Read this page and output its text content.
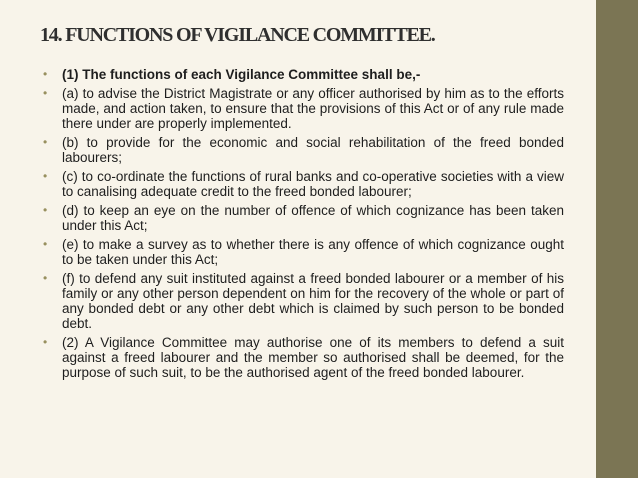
14. FUNCTIONS OF VIGILANCE COMMITTEE.
• (1) The functions of each Vigilance Committee shall be,-
• (a) to advise the District Magistrate or any officer authorised by him as to the efforts made, and action taken, to ensure that the provisions of this Act or of any rule made there under are properly implemented.
• (b) to provide for the economic and social rehabilitation of the freed bonded labourers;
• (c) to co-ordinate the functions of rural banks and co-operative societies with a view to canalising adequate credit to the freed bonded labourer;
• (d) to keep an eye on the number of offence of which cognizance has been taken under this Act;
• (e) to make a survey as to whether there is any offence of which cognizance ought to be taken under this Act;
• (f) to defend any suit instituted against a freed bonded labourer or a member of his family or any other person dependent on him for the recovery of the whole or part of any bonded debt or any other debt which is claimed by such person to be bonded debt.
• (2) A Vigilance Committee may authorise one of its members to defend a suit against a freed labourer and the member so authorised shall be deemed, for the purpose of such suit, to be the authorised agent of the freed bonded labourer.
